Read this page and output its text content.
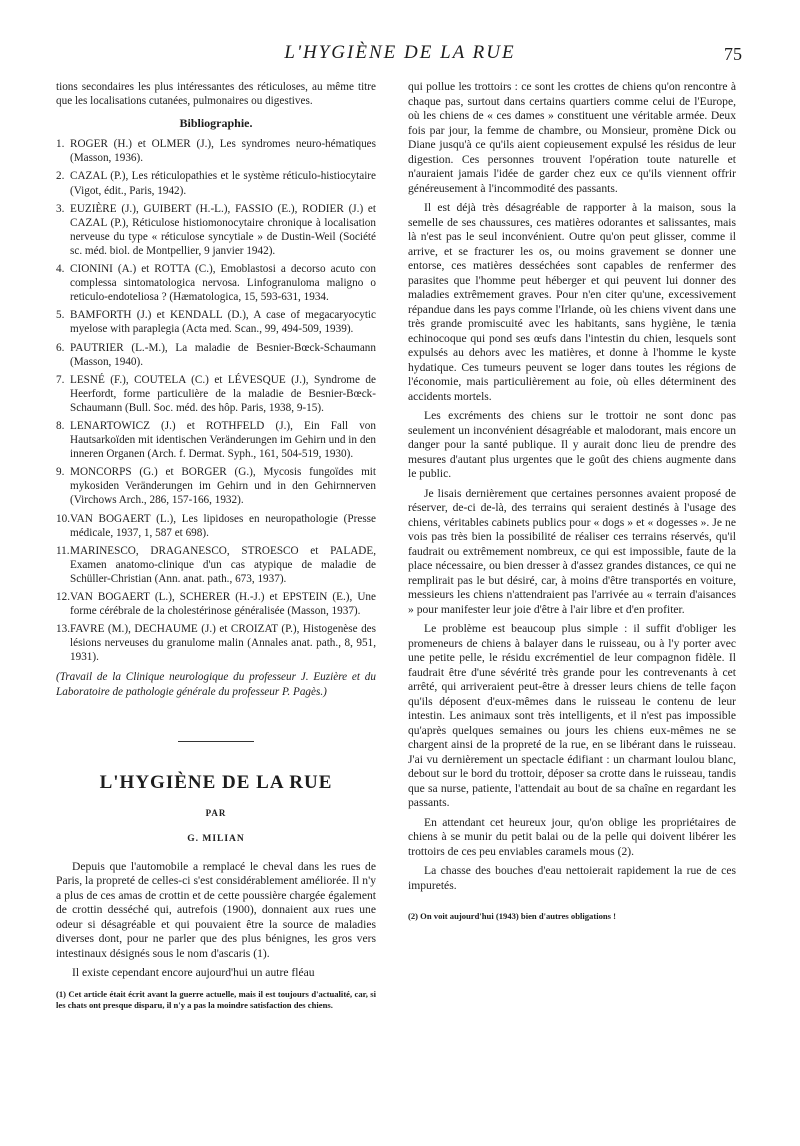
L'HYGIÈNE DE LA RUE	75

tions secondaires les plus intéressantes des réticuloses, au même titre que les localisations cutanées, pulmonaires ou digestives.

Bibliographie.
1. ROGER (H.) et OLMER (J.), Les syndromes neuro-hématiques (Masson, 1936).
2. CAZAL (P.), Les réticulopathies et le système réticulo-histiocytaire (Vigot, édit., Paris, 1942).
3. EUZIÈRE (J.), GUIBERT (H.-L.), FASSIO (E.), RODIER (J.) et CAZAL (P.), Réticulose histiomonocytaire chronique à localisation nerveuse du type « réticulose syncytiale » de Dustin-Weil (Société sc. méd. biol. de Montpellier, 9 janvier 1942).
4. CIONINI (A.) et ROTTA (C.), Emoblastosi a decorso acuto con complessa sintomatologica nervosa. Linfogranuloma maligno o reticulo-endoteliosa ? (Hæmatologica, 15, 593-631, 1934.
5. BAMFORTH (J.) et KENDALL (D.), A case of megacaryocytic myelose with paraplegia (Acta med. Scan., 99, 494-509, 1939).
6. PAUTRIER (L.-M.), La maladie de Besnier-Bœck-Schaumann (Masson, 1940).
7. LESNÉ (F.), COUTELA (C.) et LÉVESQUE (J.), Syndrome de Heerfordt, forme particulière de la maladie de Besnier-Bœck-Schaumann (Bull. Soc. méd. des hôp. Paris, 1938, 9-15).
8. LENARTOWICZ (J.) et ROTHFELD (J.), Ein Fall von Hautsarkoïden mit identischen Veränderungen im Gehirn und in den inneren Organen (Arch. f. Dermat. Syph., 161, 504-519, 1930).
9. MONCORPS (G.) et BORGER (G.), Mycosis fungoïdes mit mykosiden Veränderungen im Gehirn und in den Gehirnnerven (Virchows Arch., 286, 157-166, 1932).
10.VAN BOGAERT (L.), Les lipidoses en neuropathologie (Presse médicale, 1937, 1, 587 et 698).
11.MARINESCO, DRAGANESCO, STROESCO et PALADE, Examen anatomo-clinique d'un cas atypique de maladie de Schüller-Christian (Ann. anat. path., 673, 1937).
12.VAN BOGAERT (L.), SCHERER (H.-J.) et EPSTEIN (E.), Une forme cérébrale de la cholestérinose généralisée (Masson, 1937).
13.FAVRE (M.), DECHAUME (J.) et CROIZAT (P.), Histogenèse des lésions nerveuses du granulome malin (Annales anat. path., 8, 951, 1931).

(Travail de la Clinique neurologique du professeur J. Euzière et du Laboratoire de pathologie générale du professeur P. Pagès.)

L'HYGIÈNE DE LA RUE
PAR
G. MILIAN

Depuis que l'automobile a remplacé le cheval dans les rues de Paris, la propreté de celles-ci s'est considérablement améliorée. Il n'y a plus de ces amas de crottin et de cette poussière chargée également de crottin desséché qui, autrefois (1900), donnaient aux rues une odeur si désagréable et qui pouvaient être la source de maladies diverses dont, pour ne parler que des plus bénignes, les gros vers intestinaux désignés sous le nom d'ascaris (1).

Il existe cependant encore aujourd'hui un autre fléau

(1) Cet article était écrit avant la guerre actuelle, mais il est toujours d'actualité, car, si les chats ont presque disparu, il n'y a pas la moindre satisfaction des chiens.

qui pollue les trottoirs : ce sont les crottes de chiens qu'on rencontre à chaque pas, surtout dans certains quartiers comme celui de l'Europe, où les chiens de « ces dames » constituent une véritable armée. Deux fois par jour, la femme de chambre, ou Monsieur, promène Dick ou Diane jusqu'à ce qu'ils aient copieusement expulsé les résidus de leur digestion. Ces personnes trouvent l'opération toute naturelle et n'auraient jamais l'idée de garder chez eux ce qu'ils viennent offrir généreusement à l'incommodité des passants.

Il est déjà très désagréable de rapporter à la maison, sous la semelle de ses chaussures, ces matières odorantes et salissantes, mais là n'est pas le seul inconvénient. Outre qu'on peut glisser, comme il arrive, et se fracturer les os, ou moins gravement se donner une entorse, ces matières desséchées sont capables de renfermer des parasites que l'homme peut héberger et qui peuvent lui donner des maladies extrêmement graves. Pour n'en citer qu'une, excessivement répandue dans les pays comme l'Irlande, où les chiens vivent dans une très grande promiscuité avec les habitants, sans hygiène, le tænia echinocoque qui pond ses œufs dans l'intestin du chien, lesquels sont expulsés au dehors avec les matières, et donne à l'homme le kyste hydatique. Ces tumeurs peuvent se loger dans toutes les régions de l'économie, mais particulièrement au foie, où elles déterminent des accidents mortels.

Les excréments des chiens sur le trottoir ne sont donc pas seulement un inconvénient désagréable et malodorant, mais encore un danger pour la santé publique. Il y aurait donc lieu de prendre des mesures d'autant plus urgentes que le goût des chiens augmente dans le public.

Je lisais dernièrement que certaines personnes avaient proposé de réserver, de-ci de-là, des terrains qui seraient destinés à l'usage des chiens, véritables cabinets publics pour « dogs » et « dogesses ». Je ne vois pas très bien la possibilité de réaliser ces terrains réservés, qu'il faudrait ou extrêmement nombreux, ce qui est impossible, faute de la place nécessaire, ou bien dresser à d'assez grandes distances, ce qui ne remplirait pas le but désiré, car, à moins d'être transportés en voiture, messieurs les chiens n'attendraient pas l'arrivée au « terrain d'aisances » pour manifester leur joie d'être à l'air libre et d'en profiter.

Le problème est beaucoup plus simple : il suffit d'obliger les promeneurs de chiens à balayer dans le ruisseau, ou à l'y porter avec une petite pelle, le résidu excrémentiel de leur compagnon fidèle. Il faudrait être d'une sévérité très grande pour les contrevenants à cet arrêté, qui arriveraient peut-être à dresser leurs chiens de telle façon qu'ils déposent d'eux-mêmes dans le ruisseau le contenu de leur intestin. Les animaux sont très intelligents, et il n'est pas impossible qu'après quelques semaines ou jours les chiens eux-mêmes ne se chargent ainsi de la propreté de la rue, en se libérant dans le ruisseau. J'ai vu dernièrement un spectacle édifiant : un charmant loulou blanc, debout sur le bord du trottoir, déposer sa crotte dans le ruisseau, tandis que sa nurse, patiente, l'attendait au bout de sa chaîne en regardant les passants.

En attendant cet heureux jour, qu'on oblige les propriétaires de chiens à se munir du petit balai ou de la pelle qui doivent libérer les trottoirs de ces peu enviables caramels mous (2).

La chasse des bouches d'eau nettoierait rapidement la rue de ces impuretés.

(2) On voit aujourd'hui (1943) bien d'autres obligations !
